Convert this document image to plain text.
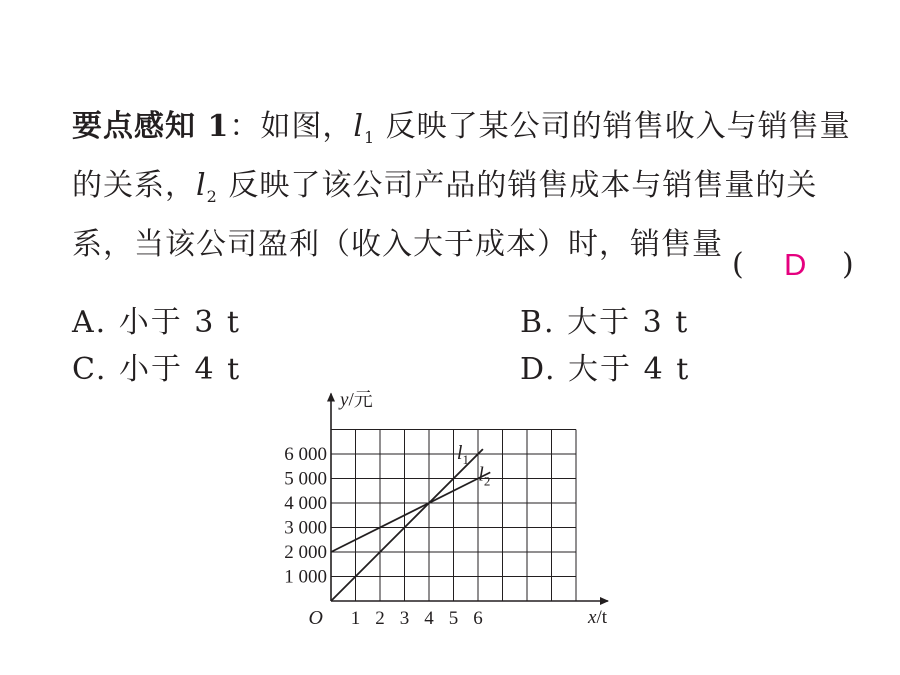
要点感知 1：如图，$l_1$ 反映了某公司的销售收入与销售量的关系，$l_2$ 反映了该公司产品的销售成本与销售量的关系，当该公司盈利（收入大于成本）时，销售量
( D )
A. 小于 3 t	B. 大于 3 t
C. 小于 4 t	D. 大于 4 t
1 2 3 4 5 6
1 000
2 000
3 000
4 000
5 000
6 000
O
y/元
x/t
$l_1$
$l_2$
